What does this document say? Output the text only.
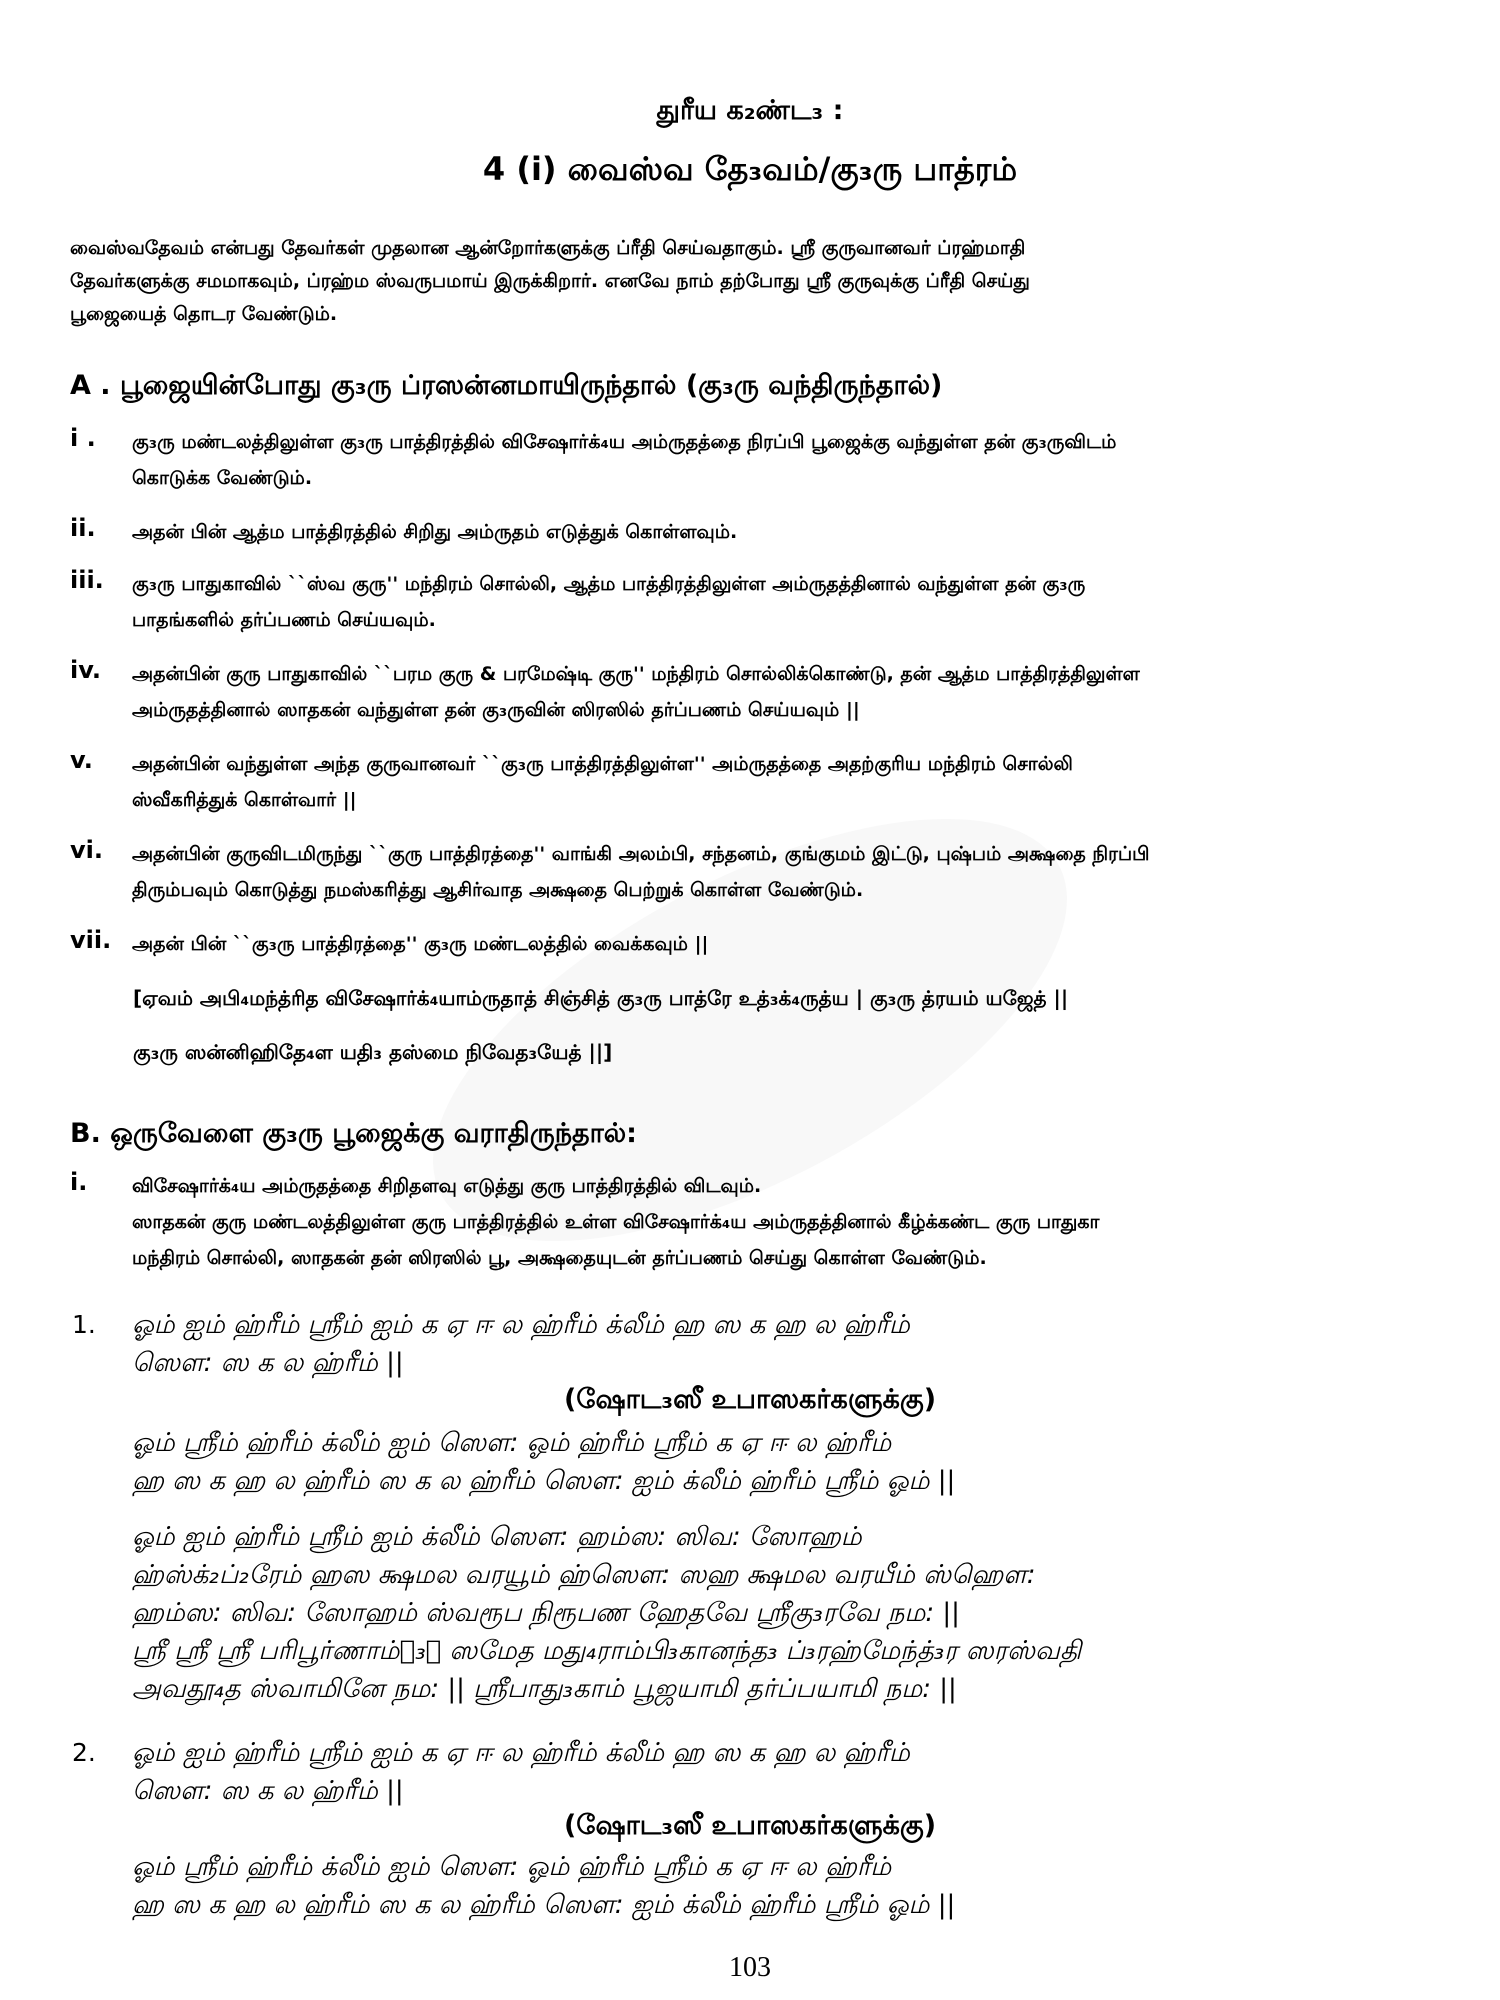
துரீய க₂ண்ட₃ :
4 (i) வைஸ்வ தே₃வம்/கு₃ரு பாத்ரம்
வைஸ்வதேவம் என்பது தேவர்கள் முதலான ஆன்றோர்களுக்கு ப்ரீதி செய்வதாகும். ஸ்ரீ குருவானவர் ப்ரஹ்மாதி
தேவர்களுக்கு சமமாகவும், ப்ரஹ்ம ஸ்வருபமாய் இருக்கிறார். எனவே நாம் தற்போது ஸ்ரீ குருவுக்கு ப்ரீதி செய்து
பூஜையைத் தொடர வேண்டும்.
A . பூஜையின்போது கு₃ரு ப்ரஸன்னமாயிருந்தால் (கு₃ரு வந்திருந்தால்)
i . கு₃ரு மண்டலத்திலுள்ள கு₃ரு பாத்திரத்தில் விசேஷார்க்₄ய அம்ருதத்தை நிரப்பி பூஜைக்கு வந்துள்ள தன் கு₃ருவிடம்
கொடுக்க வேண்டும்.
ii. அதன் பின் ஆத்ம பாத்திரத்தில் சிறிது அம்ருதம் எடுத்துக் கொள்ளவும்.
iii. கு₃ரு பாதுகாவில் ``ஸ்வ குரு'' மந்திரம் சொல்லி, ஆத்ம பாத்திரத்திலுள்ள அம்ருதத்தினால் வந்துள்ள தன் கு₃ரு
பாதங்களில் தர்ப்பணம் செய்யவும்.
iv. அதன்பின் குரு பாதுகாவில் ``பரம குரு & பரமேஷ்டி குரு'' மந்திரம் சொல்லிக்கொண்டு, தன் ஆத்ம பாத்திரத்திலுள்ள
அம்ருதத்தினால் ஸாதகன் வந்துள்ள தன் கு₃ருவின் ஸிரஸில் தர்ப்பணம் செய்யவும் ||
v. அதன்பின் வந்துள்ள அந்த குருவானவர் ``கு₃ரு பாத்திரத்திலுள்ள'' அம்ருதத்தை அதற்குரிய மந்திரம் சொல்லி
ஸ்வீகரித்துக் கொள்வார் ||
vi. அதன்பின் குருவிடமிருந்து ``குரு பாத்திரத்தை'' வாங்கி அலம்பி, சந்தனம், குங்குமம் இட்டு, புஷ்பம் அக்ஷதை நிரப்பி
திரும்பவும் கொடுத்து நமஸ்கரித்து ஆசிர்வாத அக்ஷதை பெற்றுக் கொள்ள வேண்டும்.
vii. அதன் பின் ``கு₃ரு பாத்திரத்தை'' கு₃ரு மண்டலத்தில் வைக்கவும் ||
[ஏவம் அபி₄மந்த்ரித விசேஷார்க்₄யாம்ருதாத் சிஞ்சித் கு₃ரு பாத்ரே உத்₃க்₄ருத்ய | கு₃ரு த்ரயம் யஜேத் ||
கு₃ரு ஸன்னிஹிதே₄ள யதி₃ தஸ்மை நிவேத₃யேத் ||]
B. ஒருவேளை கு₃ரு பூஜைக்கு வராதிருந்தால்:
i. விசேஷார்க்₄ய அம்ருதத்தை சிறிதளவு எடுத்து குரு பாத்திரத்தில் விடவும்.
ஸாதகன் குரு மண்டலத்திலுள்ள குரு பாத்திரத்தில் உள்ள விசேஷார்க்₄ய அம்ருதத்தினால் கீழ்க்கண்ட குரு பாதுகா
மந்திரம் சொல்லி, ஸாதகன் தன் ஸிரஸில் பூ, அக்ஷதையுடன் தர்ப்பணம் செய்து கொள்ள வேண்டும்.
1. ஓம் ஐம் ஹ்ரீம் ஸ்ரீம் ஐம் க ஏ ஈ ல ஹ்ரீம் க்லீம் ஹ ஸ க ஹ ல ஹ்ரீம்
ஸௌ: ஸ க ல ஹ்ரீம் ||
(ஷோட₃ஸீ உபாஸகர்களுக்கு)
ஓம் ஸ்ரீம் ஹ்ரீம் க்லீம் ஐம் ஸௌ: ஓம் ஹ்ரீம் ஸ்ரீம் க ஏ ஈ ல ஹ்ரீம்
ஹ ஸ க ஹ ல ஹ்ரீம் ஸ க ல ஹ்ரீம் ஸௌ: ஐம் க்லீம் ஹ்ரீம் ஸ்ரீம் ஓம் ||
ஓம் ஐம் ஹ்ரீம் ஸ்ரீம் ஐம் க்லீம் ஸௌ: ஹம்ஸ: ஸிவ: ஸோஹம்
ஹ்ஸ்க்₂ப்₂ரேம் ஹஸ க்ஷமல வரயூம் ஹ்ஸௌ: ஸஹ க்ஷமல வரயீம் ஸ்ஹௌ:
ஹம்ஸ: ஸிவ: ஸோஹம் ஸ்வரூப நிரூபண ஹேதவே ஸ்ரீகு₃ரவே நம: ||
ஸ்ரீ ஸ்ரீ ஸ்ரீ பரிபூர்ணாம்ப₃ா ஸமேத மது₄ராம்பி₃கானந்த₃ ப்₃ரஹ்மேந்த்₃ர ஸரஸ்வதி
அவதூ₄த ஸ்வாமினே நம: || ஸ்ரீபாது₃காம் பூஜயாமி தர்ப்பயாமி நம: ||
2. ஓம் ஐம் ஹ்ரீம் ஸ்ரீம் ஐம் க ஏ ஈ ல ஹ்ரீம் க்லீம் ஹ ஸ க ஹ ல ஹ்ரீம்
ஸௌ: ஸ க ல ஹ்ரீம் ||
(ஷோட₃ஸீ உபாஸகர்களுக்கு)
ஓம் ஸ்ரீம் ஹ்ரீம் க்லீம் ஐம் ஸௌ: ஓம் ஹ்ரீம் ஸ்ரீம் க ஏ ஈ ல ஹ்ரீம்
ஹ ஸ க ஹ ல ஹ்ரீம் ஸ க ல ஹ்ரீம் ஸௌ: ஐம் க்லீம் ஹ்ரீம் ஸ்ரீம் ஓம் ||
103
